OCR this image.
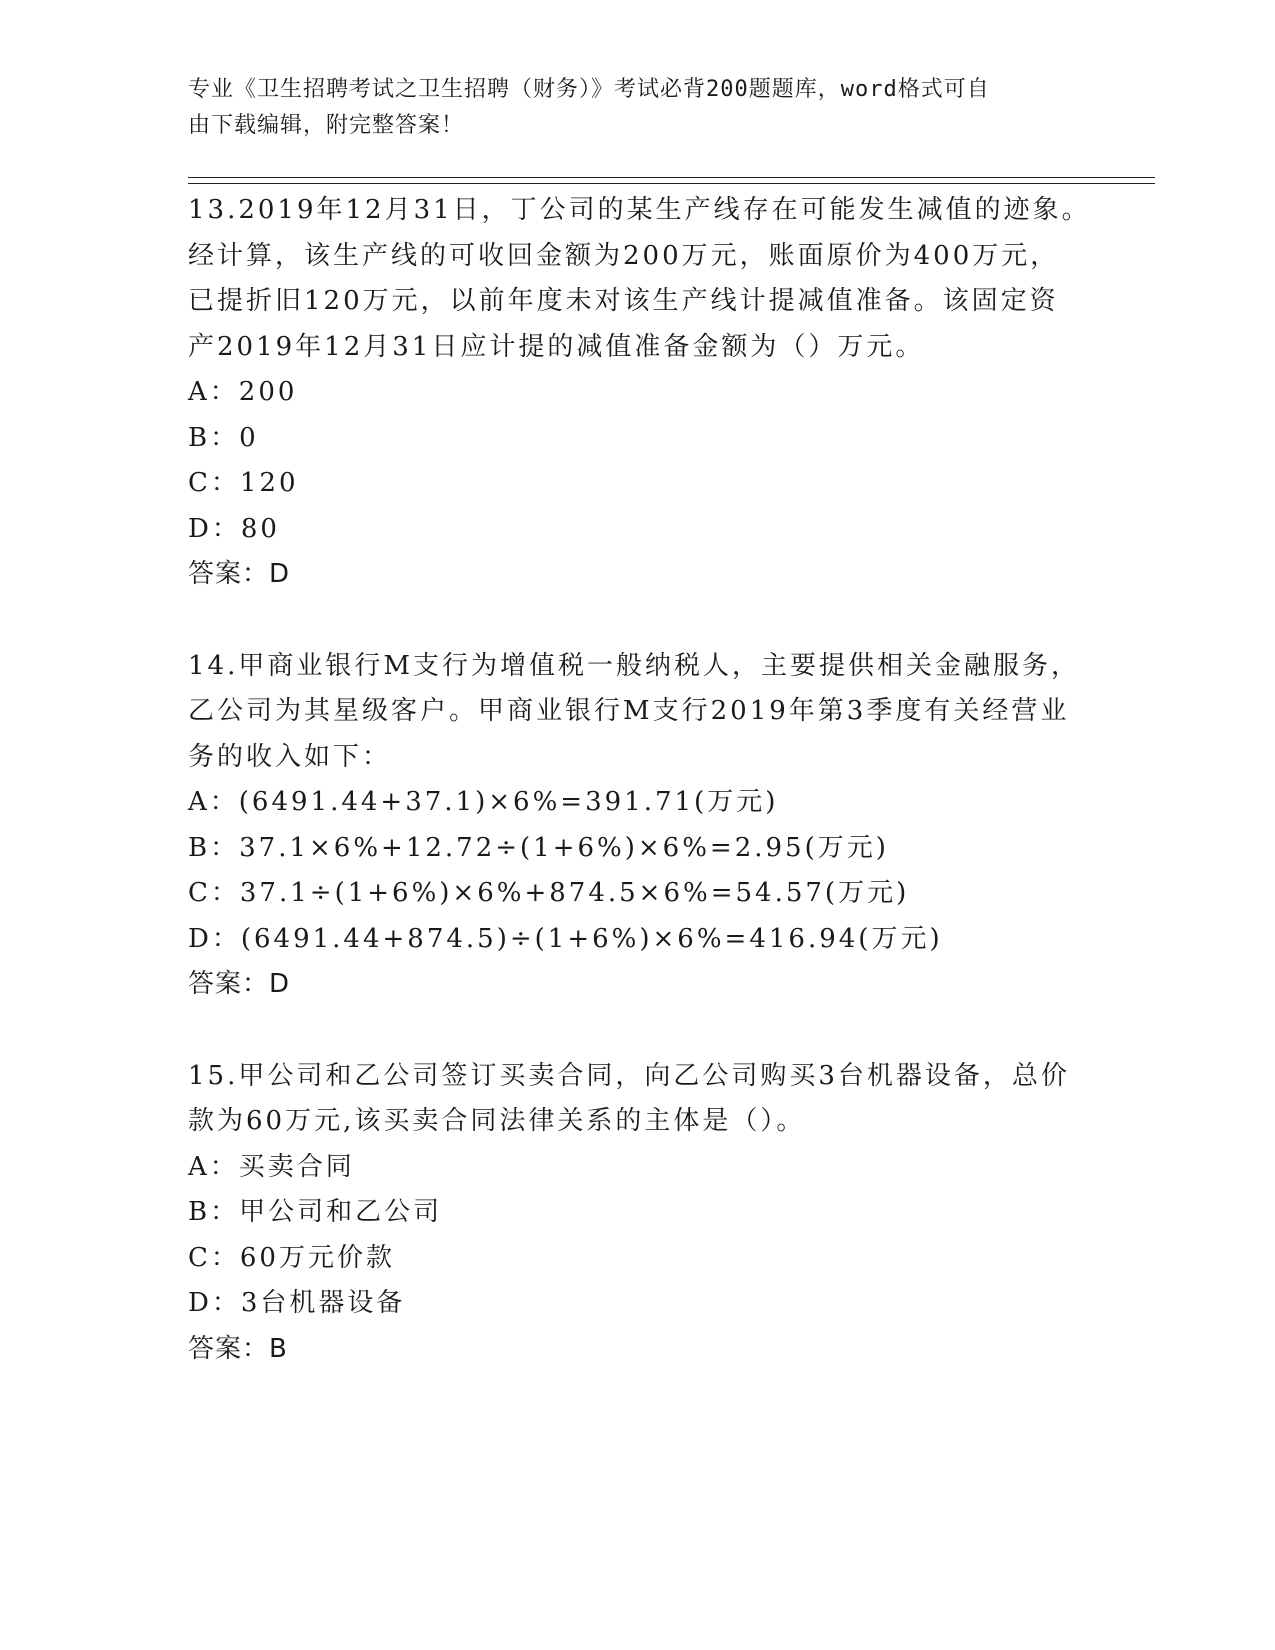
专业《卫生招聘考试之卫生招聘（财务）》考试必背200题题库，word格式可自
由下载编辑，附完整答案！
13.2019年12月31日，丁公司的某生产线存在可能发生减值的迹象。
经计算，该生产线的可收回金额为200万元，账面原价为400万元，
已提折旧120万元，以前年度未对该生产线计提减值准备。该固定资
产2019年12月31日应计提的减值准备金额为（）万元。
A：200
B：0
C：120
D：80
答案：D
14.甲商业银行M支行为增值税一般纳税人，主要提供相关金融服务，
乙公司为其星级客户。甲商业银行M支行2019年第3季度有关经营业
务的收入如下：
A：(6491.44+37.1)×6%=391.71(万元)
B：37.1×6%+12.72÷(1+6%)×6%=2.95(万元)
C：37.1÷(1+6%)×6%+874.5×6%=54.57(万元)
D：(6491.44+874.5)÷(1+6%)×6%=416.94(万元)
答案：D
15.甲公司和乙公司签订买卖合同，向乙公司购买3台机器设备，总价
款为60万元,该买卖合同法律关系的主体是（）。
A：买卖合同
B：甲公司和乙公司
C：60万元价款
D：3台机器设备
答案：B
